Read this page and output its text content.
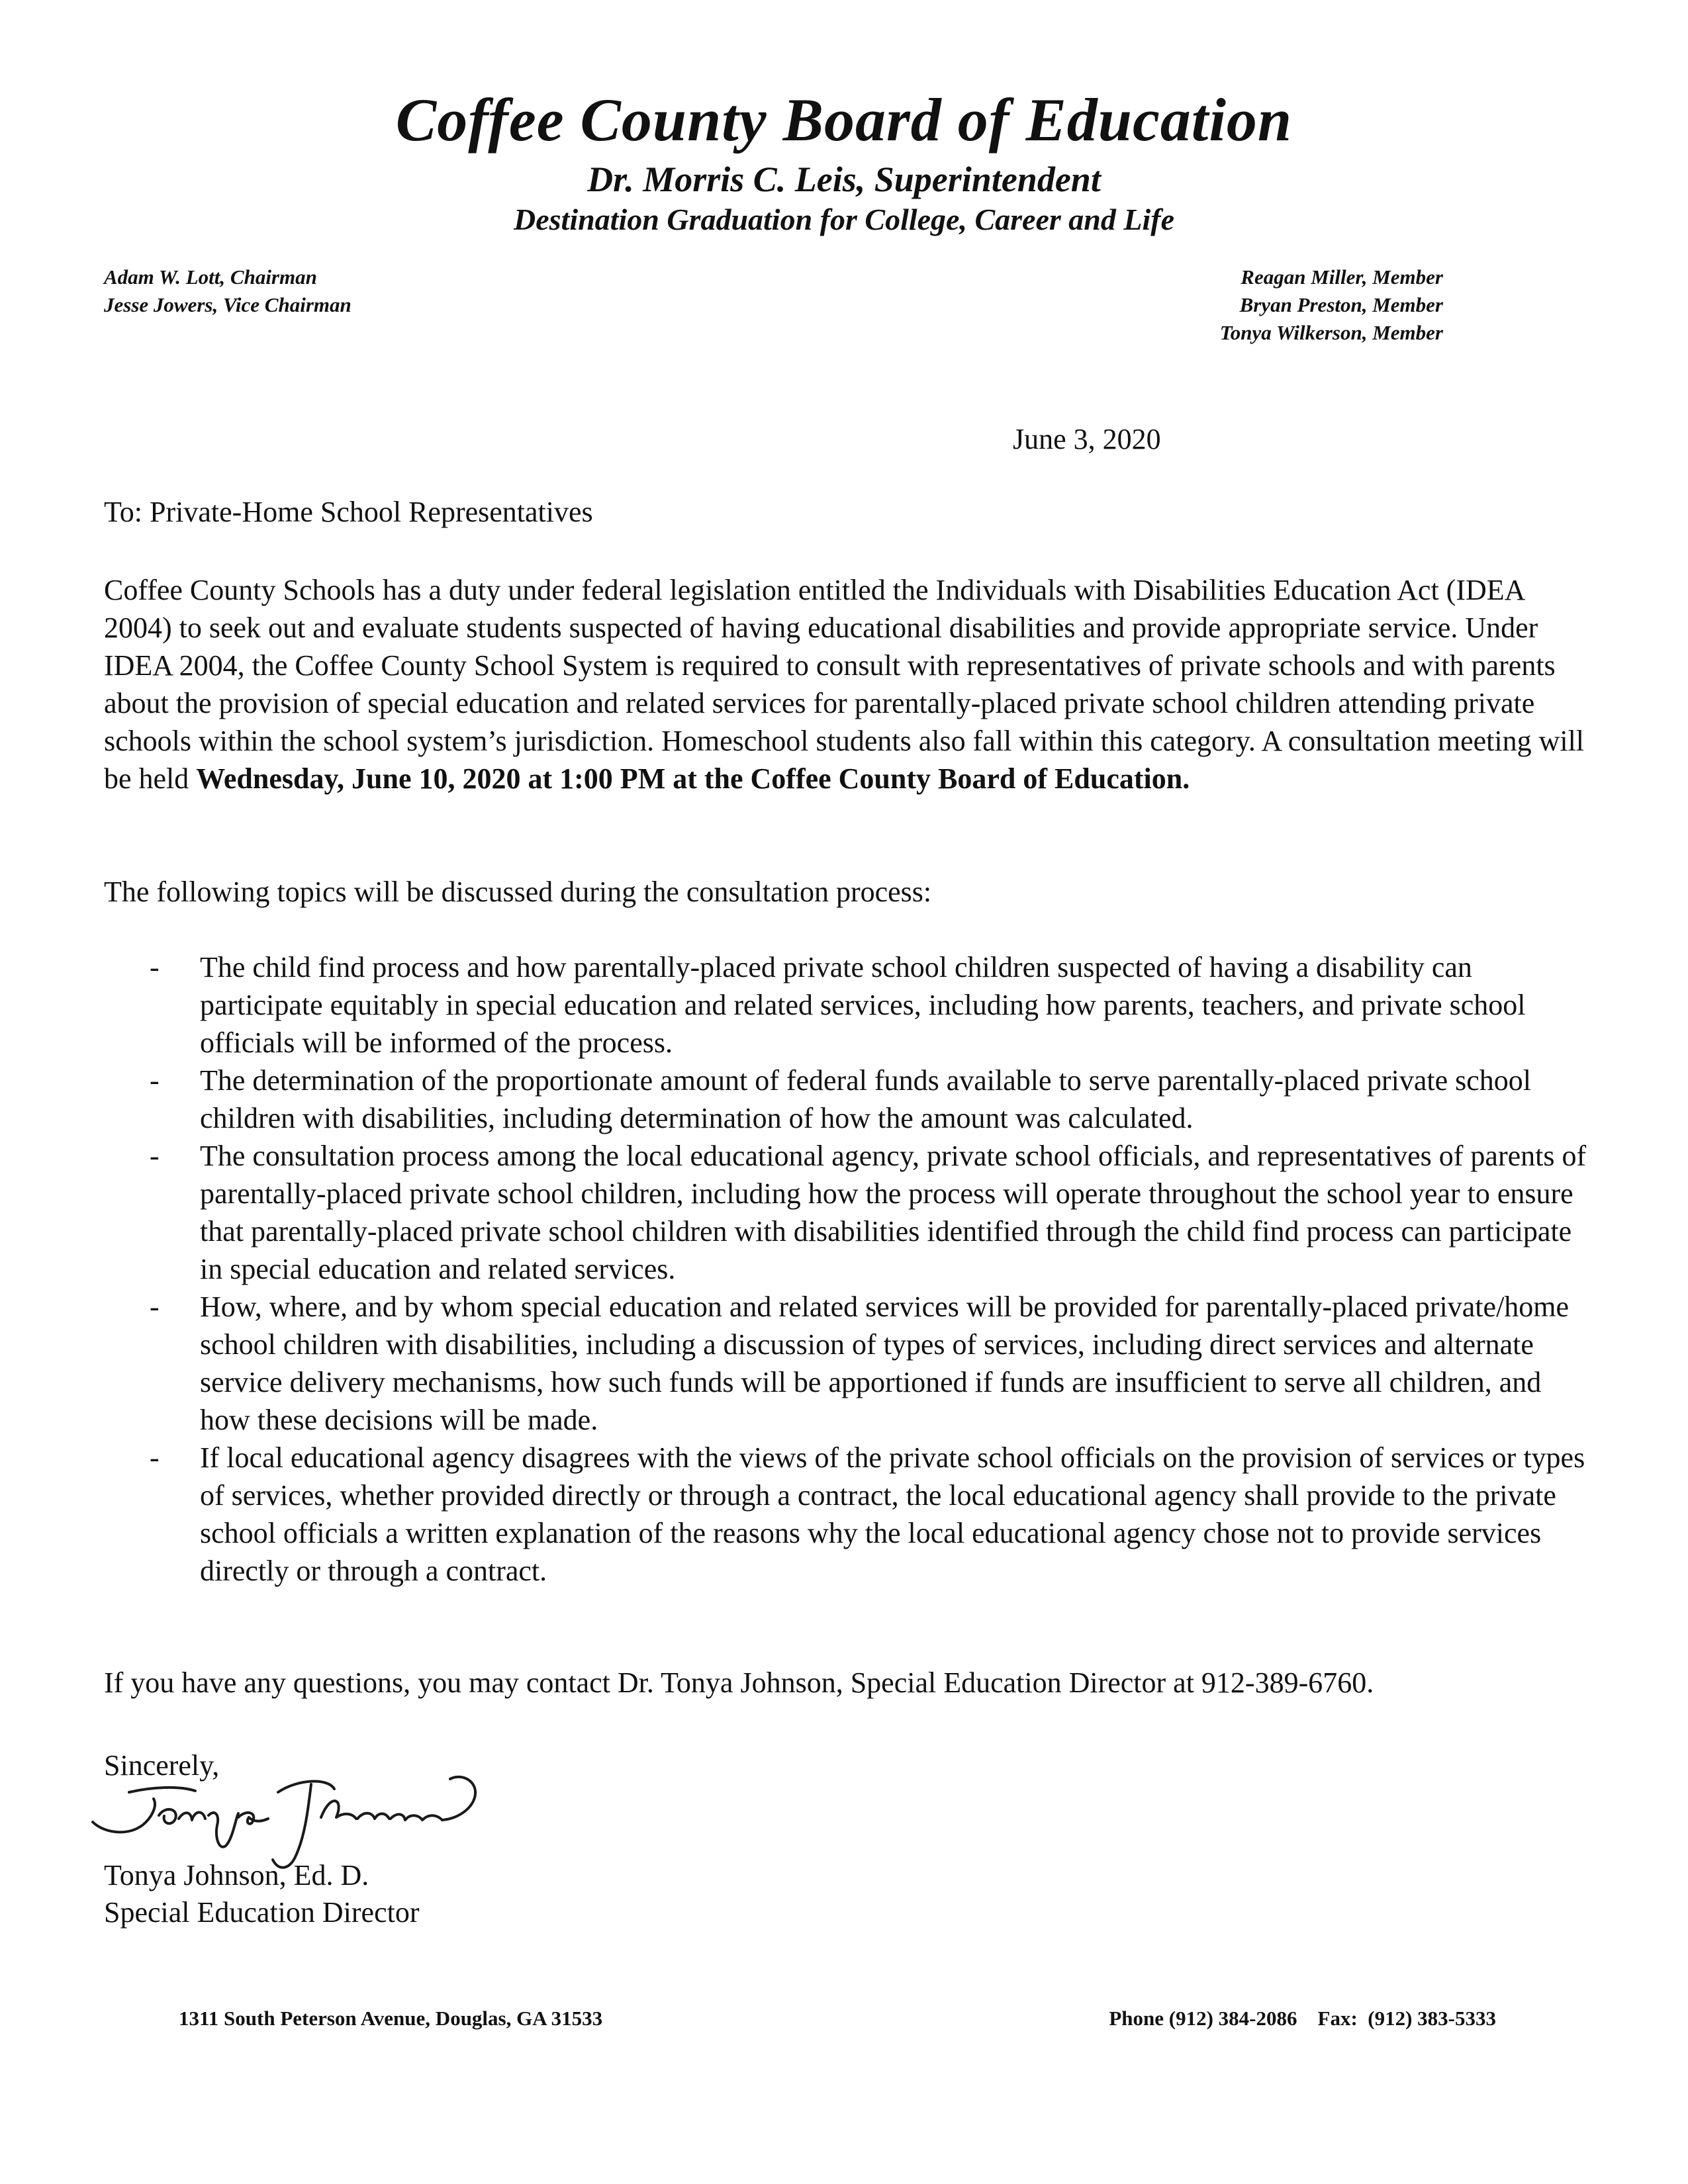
Coffee County Board of Education
Dr. Morris C. Leis, Superintendent
Destination Graduation for College, Career and Life
Adam W. Lott, Chairman
Jesse Jowers, Vice Chairman
Reagan Miller, Member
Bryan Preston, Member
Tonya Wilkerson, Member
June 3, 2020
To: Private-Home School Representatives
Coffee County Schools has a duty under federal legislation entitled the Individuals with Disabilities Education Act (IDEA 2004) to seek out and evaluate students suspected of having educational disabilities and provide appropriate service. Under IDEA 2004, the Coffee County School System is required to consult with representatives of private schools and with parents about the provision of special education and related services for parentally-placed private school children attending private schools within the school system’s jurisdiction. Homeschool students also fall within this category. A consultation meeting will be held Wednesday, June 10, 2020 at 1:00 PM at the Coffee County Board of Education.
The following topics will be discussed during the consultation process:
- The child find process and how parentally-placed private school children suspected of having a disability can participate equitably in special education and related services, including how parents, teachers, and private school officials will be informed of the process.
- The determination of the proportionate amount of federal funds available to serve parentally-placed private school children with disabilities, including determination of how the amount was calculated.
- The consultation process among the local educational agency, private school officials, and representatives of parents of parentally-placed private school children, including how the process will operate throughout the school year to ensure that parentally-placed private school children with disabilities identified through the child find process can participate in special education and related services.
- How, where, and by whom special education and related services will be provided for parentally-placed private/home school children with disabilities, including a discussion of types of services, including direct services and alternate service delivery mechanisms, how such funds will be apportioned if funds are insufficient to serve all children, and how these decisions will be made.
- If local educational agency disagrees with the views of the private school officials on the provision of services or types of services, whether provided directly or through a contract, the local educational agency shall provide to the private school officials a written explanation of the reasons why the local educational agency chose not to provide services directly or through a contract.
If you have any questions, you may contact Dr. Tonya Johnson, Special Education Director at 912-389-6760.
Sincerely,
Tonya Johnson, Ed. D.
Special Education Director
1311 South Peterson Avenue, Douglas, GA 31533	Phone (912) 384-2086    Fax:  (912) 383-5333
